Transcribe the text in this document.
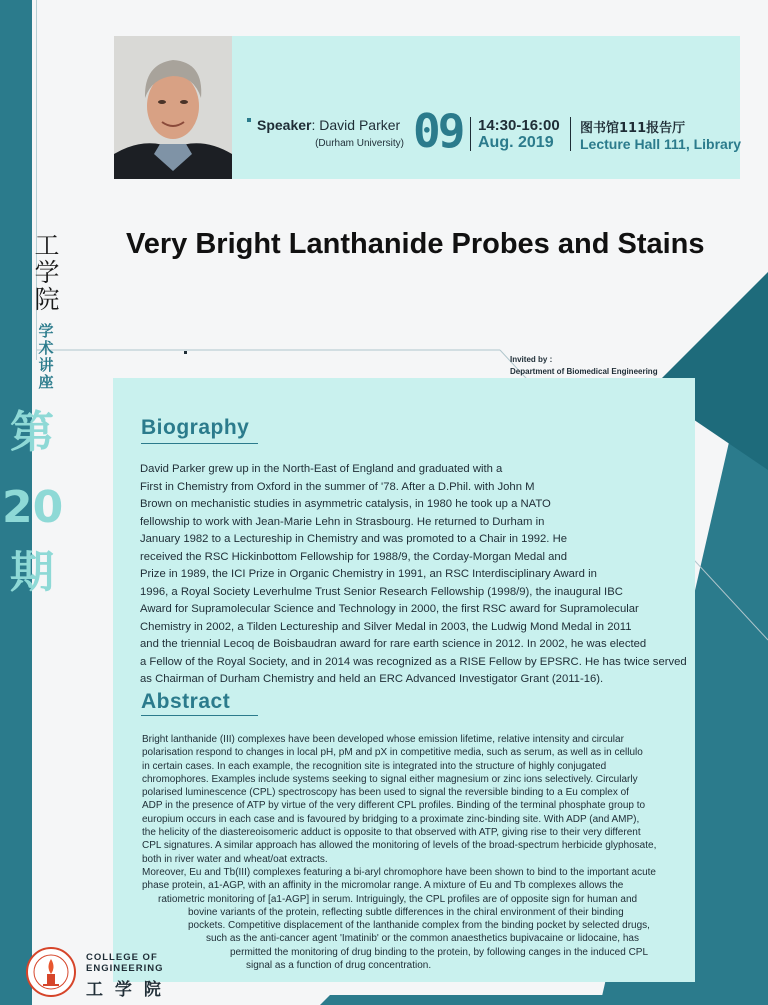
工
学
院
学
术
讲
座
第
20
期
Speaker: David Parker
(Durham University) 09 14:30-16:00
Aug. 2019
图书馆111报告厅
Lecture Hall 111, Library
Very Bright Lanthanide Probes and Stains
Invited by :
Department of Biomedical Engineering
Biography
David Parker grew up in the North-East of England and graduated with a
First in Chemistry from Oxford in the summer of '78. After a D.Phil. with John M
Brown on mechanistic studies in asymmetric catalysis, in 1980 he took up a NATO
fellowship to work with Jean-Marie Lehn in Strasbourg. He returned to Durham in
January 1982 to a Lectureship in Chemistry and was promoted to a Chair in 1992. He
received the RSC Hickinbottom Fellowship for 1988/9, the Corday-Morgan Medal and
Prize in 1989, the ICI Prize in Organic Chemistry in 1991, an RSC Interdisciplinary Award in
1996, a Royal Society Leverhulme Trust Senior Research Fellowship (1998/9), the inaugural IBC
Award for Supramolecular Science and Technology in 2000, the first RSC award for Supramolecular
Chemistry in 2002, a Tilden Lectureship and Silver Medal in 2003, the Ludwig Mond Medal in 2011
and the triennial Lecoq de Boisbaudran award for rare earth science in 2012. In 2002, he was elected
a Fellow of the Royal Society, and in 2014 was recognized as a RISE Fellow by EPSRC. He has twice served
as Chairman of Durham Chemistry and held an ERC Advanced Investigator Grant (2011-16).
Abstract
Bright lanthanide (III) complexes have been developed whose emission lifetime, relative intensity and circular
polarisation respond to changes in local pH, pM and pX in competitive media, such as serum, as well as in cellulo
in certain cases. In each example, the recognition site is integrated into the structure of highly conjugated
chromophores. Examples include systems seeking to signal either magnesium or zinc ions selectively. Circularly
polarised luminescence (CPL) spectroscopy has been used to signal the reversible binding to a Eu complex of
ADP in the presence of ATP by virtue of the very different CPL profiles. Binding of the terminal phosphate group to
europium occurs in each case and is favoured by bridging to a proximate zinc-binding site. With ADP (and AMP),
the helicity of the diastereoisomeric adduct is opposite to that observed with ATP, giving rise to their very different
CPL signatures. A similar approach has allowed the monitoring of levels of the broad-spectrum herbicide glyphosate,
both in river water and wheat/oat extracts.
Moreover, Eu and Tb(III) complexes featuring a bi-aryl chromophore have been shown to bind to the important acute
phase protein, a1-AGP, with an affinity in the micromolar range. A mixture of Eu and Tb complexes allows the
ratiometric monitoring of [a1-AGP] in serum. Intriguingly, the CPL profiles are of opposite sign for human and
bovine variants of the protein, reflecting subtle differences in the chiral environment of their binding
pockets. Competitive displacement of the lanthanide complex from the binding pocket by selected drugs,
such as the anti-cancer agent 'Imatinib' or the common anaesthetics bupivacaine or lidocaine, has
permitted the monitoring of drug binding to the protein, by following canges in the induced CPL
signal as a function of drug concentration.
COLLEGE OF
ENGINEERING
工 学 院
